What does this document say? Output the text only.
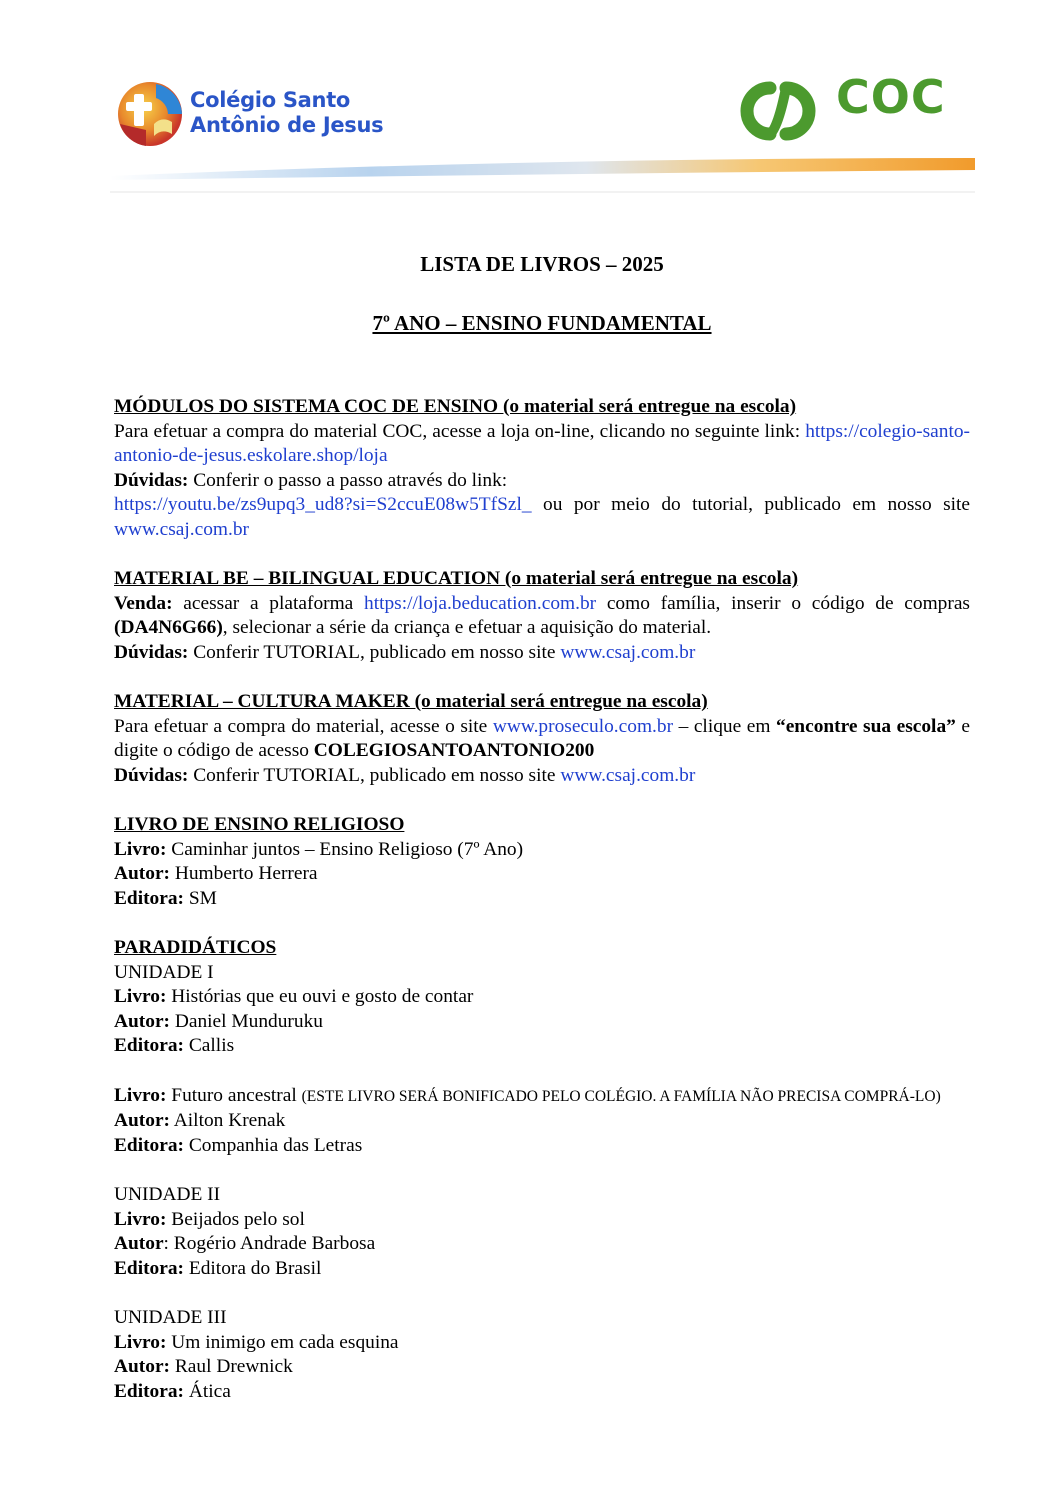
Colégio Santo
Antônio de Jesus
COC
LISTA DE LIVROS – 2025
7º ANO – ENSINO FUNDAMENTAL
MÓDULOS DO SISTEMA COC DE ENSINO (o material será entregue na escola)

Para efetuar a compra do material COC, acesse a loja on-line, clicando no seguinte link: https://colegio-santo-antonio-de-jesus.eskolare.shop/loja

Dúvidas: Conferir o passo a passo através do link:

https://youtu.be/zs9upq3_ud8?si=S2ccuE08w5TfSzl_ ou por meio do tutorial, publicado em nosso site www.csaj.com.br

MATERIAL BE – BILINGUAL EDUCATION (o material será entregue na escola)

Venda: acessar a plataforma https://loja.beducation.com.br como família, inserir o código de compras (DA4N6G66), selecionar a série da criança e efetuar a aquisição do material.

Dúvidas: Conferir TUTORIAL, publicado em nosso site www.csaj.com.br

MATERIAL – CULTURA MAKER (o material será entregue na escola)

Para efetuar a compra do material, acesse o site www.proseculo.com.br – clique em “encontre sua escola” e digite o código de acesso COLEGIOSANTOANTONIO200

Dúvidas: Conferir TUTORIAL, publicado em nosso site www.csaj.com.br

LIVRO DE ENSINO RELIGIOSO

Livro: Caminhar juntos – Ensino Religioso (7º Ano)

Autor: Humberto Herrera

Editora: SM

PARADIDÁTICOS

UNIDADE I

Livro: Histórias que eu ouvi e gosto de contar

Autor: Daniel Munduruku

Editora: Callis

Livro: Futuro ancestral (ESTE LIVRO SERÁ BONIFICADO PELO COLÉGIO. A FAMÍLIA NÃO PRECISA COMPRÁ-LO)

Autor: Ailton Krenak

Editora: Companhia das Letras

UNIDADE II

Livro: Beijados pelo sol

Autor: Rogério Andrade Barbosa

Editora: Editora do Brasil

UNIDADE III

Livro: Um inimigo em cada esquina

Autor: Raul Drewnick

Editora: Ática
